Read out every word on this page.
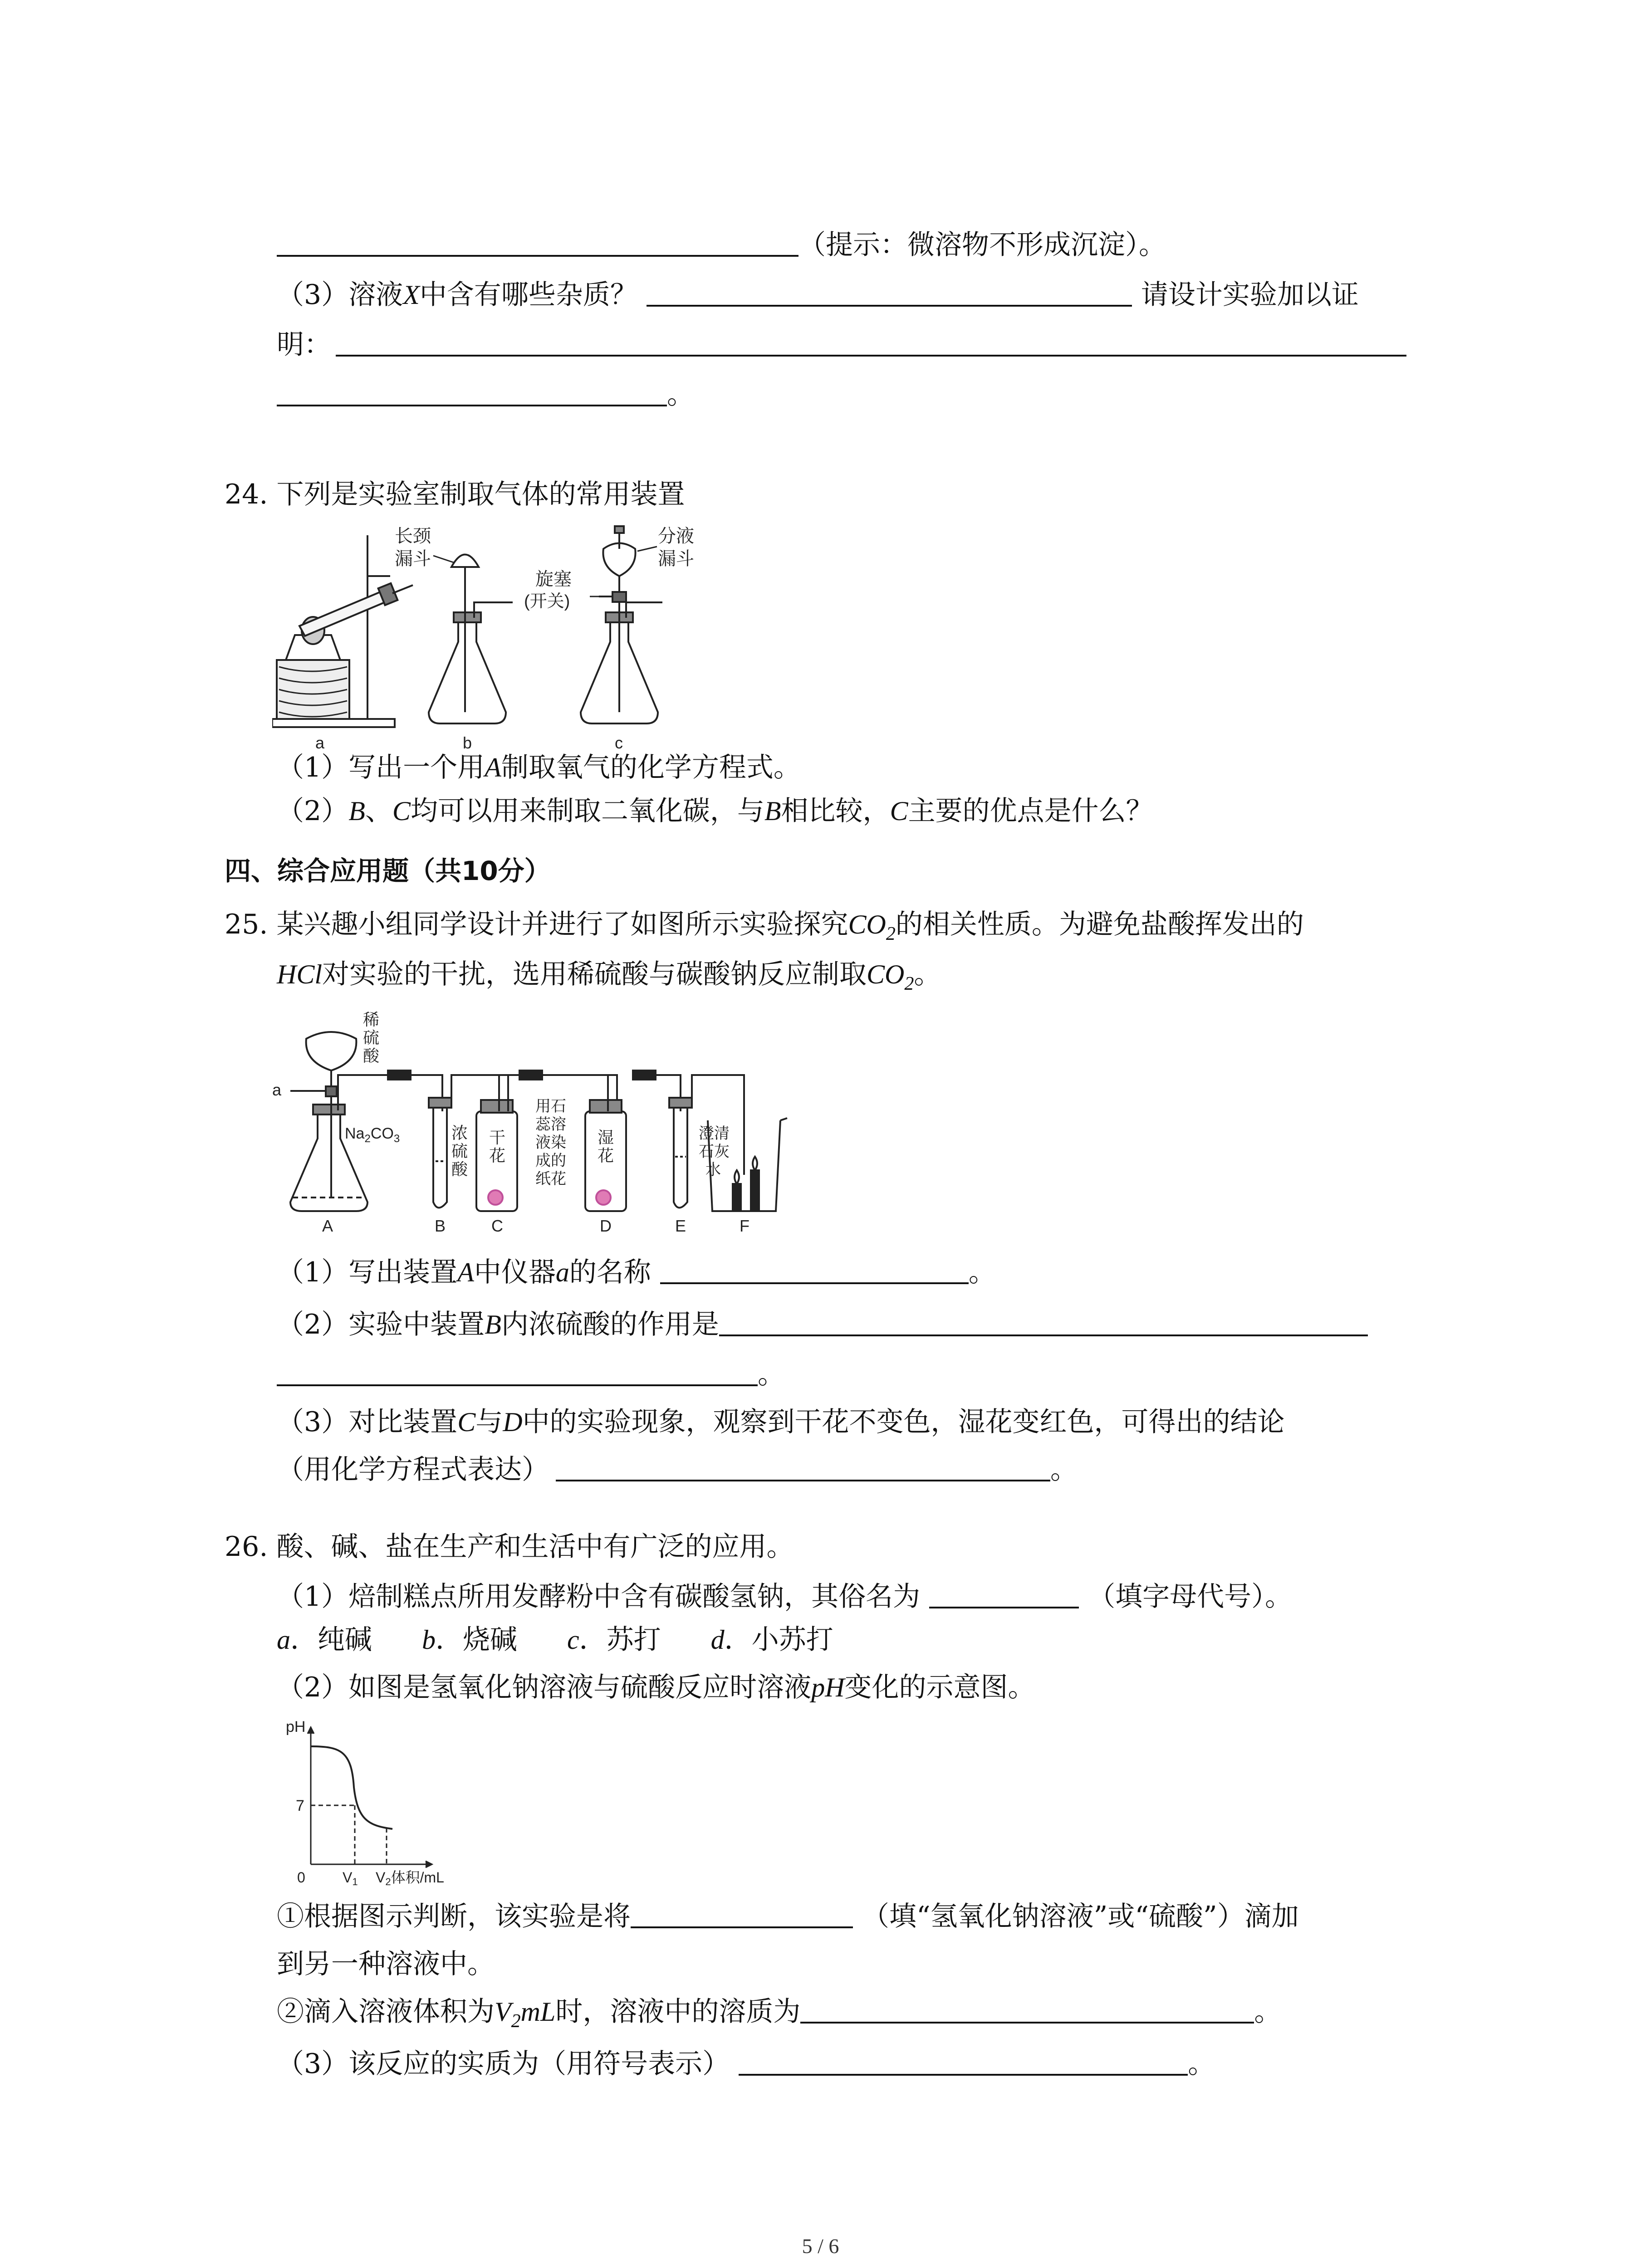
（提示：微溶物不形成沉淀）。
（3）溶液X中含有哪些杂质？	请设计实验加以证
明：
。
24. 下列是实验室制取气体的常用装置
长颈
漏斗
分液
漏斗
旋塞
(开关)
a	b	c
（1）写出一个用A制取氧气的化学方程式。
（2）B、C均可以用来制取二氧化碳，与B相比较，C主要的优点是什么？
四、综合应用题（共10分）
25. 某兴趣小组同学设计并进行了如图所示实验探究$CO_2$的相关性质。为避免盐酸挥发出的
HCl对实验的干扰，选用稀硫酸与碳酸钠反应制取$CO_2$。
稀
硫
酸
a
$Na_2CO_3$	浓
硫
酸
干
花
用石
蕊溶
液染
成的
纸花
湿
花
澄清
石灰
水
A	B	C	D	E	F
（1）写出装置A中仪器a的名称	。
（2）实验中装置B内浓硫酸的作用是
。
（3）对比装置C与D中的实验现象，观察到干花不变色，湿花变红色，可得出的结论
（用化学方程式表达）	。
26. 酸、碱、盐在生产和生活中有广泛的应用。
（1）焙制糕点所用发酵粉中含有碳酸氢钠，其俗名为	（填字母代号）。
a．纯碱 b．烧碱 c．苏打 d．小苏打
（2）如图是氢氧化钠溶液与硫酸反应时溶液pH变化的示意图。
pH
7
0	V1 V2体积/mL
①根据图示判断，该实验是将	（填“氢氧化钠溶液”或“硫酸”）滴加
到另一种溶液中。
②滴入溶液体积为$V_2mL$时，溶液中的溶质为	。
（3）该反应的实质为（用符号表示）	。
5 / 6
